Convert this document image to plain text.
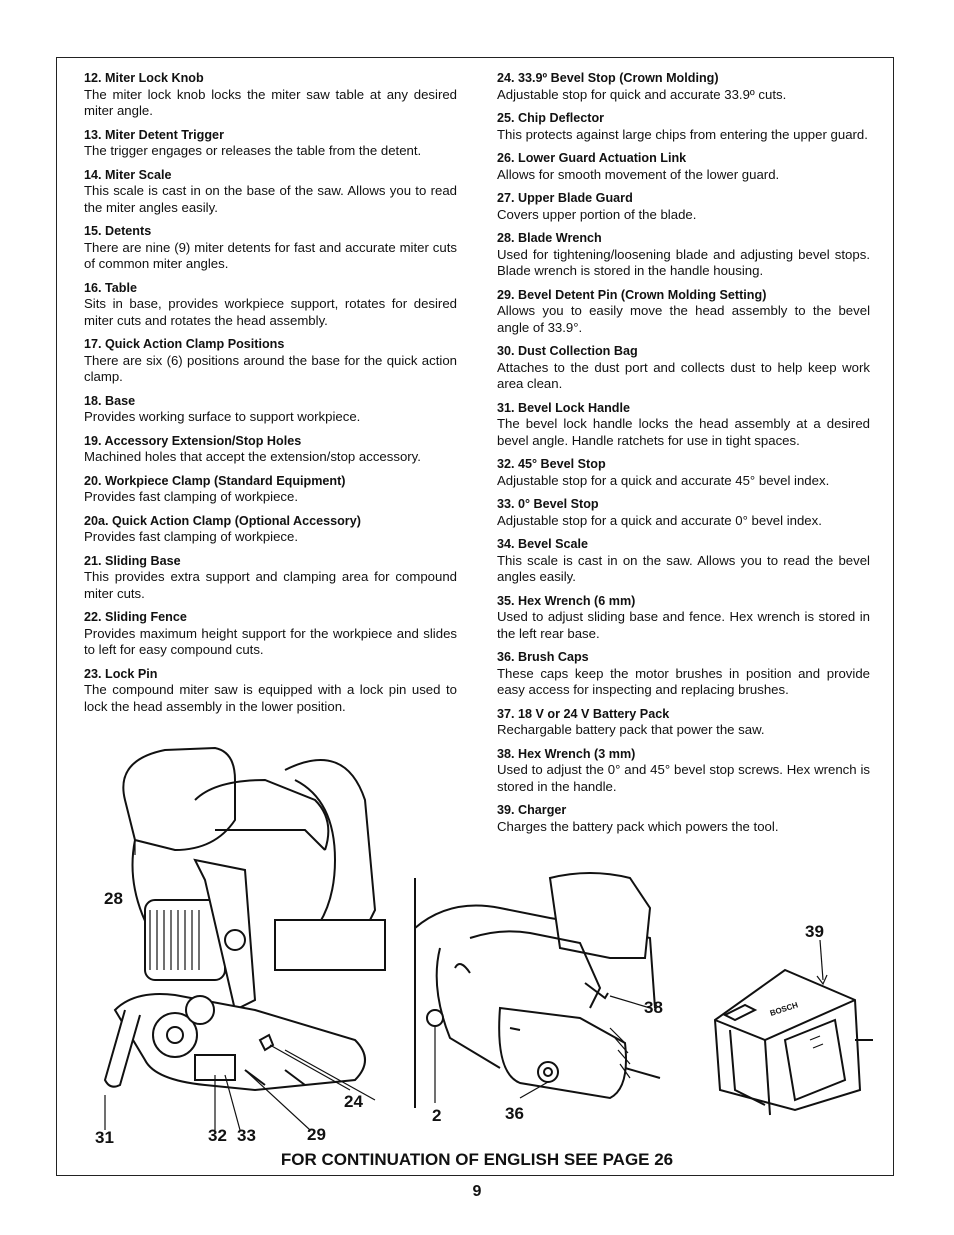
12. Miter Lock Knob
The miter lock knob locks the miter saw table at any desired miter angle.
13. Miter Detent Trigger
The trigger engages or releases the table from the detent.
14. Miter Scale
This scale is cast in on the base of the saw. Allows you to read the miter angles easily.
15. Detents
There are nine (9) miter detents for fast and accurate miter cuts of common miter angles.
16. Table
Sits in base, provides workpiece support, rotates for desired miter cuts and rotates the head assembly.
17. Quick Action Clamp Positions
There are six (6) positions around the base for the quick action clamp.
18. Base
Provides working surface to support workpiece.
19. Accessory Extension/Stop Holes
Machined holes that accept the extension/stop accessory.
20. Workpiece Clamp (Standard Equipment)
Provides fast clamping of workpiece.
20a. Quick Action Clamp (Optional Accessory)
Provides fast clamping of workpiece.
21. Sliding Base
This provides extra support and clamping area for compound miter cuts.
22. Sliding Fence
Provides maximum height support for the workpiece and slides to left for easy compound cuts.
23. Lock Pin
The compound miter saw is equipped with a lock pin used to lock the head assembly in the lower position.
24. 33.9º Bevel Stop (Crown Molding)
Adjustable stop for quick and accurate 33.9º cuts.
25. Chip Deflector
This protects against large chips from entering the upper guard.
26. Lower Guard Actuation Link
Allows for smooth movement of the lower guard.
27. Upper Blade Guard
Covers upper portion of the blade.
28. Blade Wrench
Used for tightening/loosening blade and adjusting bevel stops. Blade wrench is stored in the handle housing.
29. Bevel Detent Pin (Crown Molding Setting)
Allows you to easily move the head assembly to the bevel angle of 33.9°.
30. Dust Collection Bag
Attaches to the dust port and collects dust to help keep work area clean.
31. Bevel Lock Handle
The bevel lock handle locks the head assembly at a desired bevel angle. Handle ratchets for use in tight spaces.
32. 45° Bevel Stop
Adjustable stop for a quick and accurate 45° bevel index.
33. 0° Bevel Stop
Adjustable stop for a quick and accurate 0° bevel index.
34. Bevel Scale
This scale is cast in on the saw. Allows you to read the bevel angles easily.
35. Hex Wrench (6 mm)
Used to adjust sliding base and fence. Hex wrench is stored in the left rear base.
36. Brush Caps
These caps keep the motor brushes in position and provide easy access for inspecting and replacing brushes.
37. 18 V or 24 V Battery Pack
Rechargable battery pack that power the saw.
38. Hex Wrench (3 mm)
Used to adjust the 0° and 45° bevel stop screws. Hex wrench is stored in the handle.
39. Charger
Charges the battery pack which powers the tool.
BOSCH
28
31	32 33	29
24
2	36
38
39
FOR CONTINUATION OF ENGLISH SEE PAGE 26
9
